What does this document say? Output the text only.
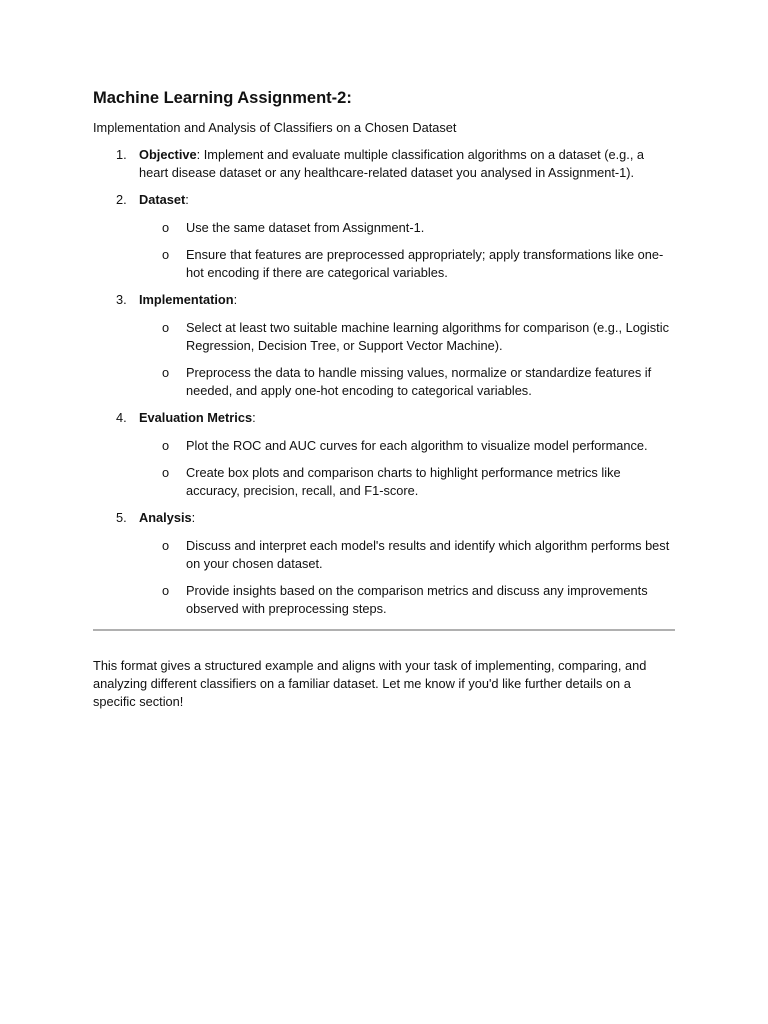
Machine Learning Assignment-2:
Implementation and Analysis of Classifiers on a Chosen Dataset
1. Objective: Implement and evaluate multiple classification algorithms on a dataset (e.g., a heart disease dataset or any healthcare-related dataset you analysed in Assignment-1).
2. Dataset:
o Use the same dataset from Assignment-1.
o Ensure that features are preprocessed appropriately; apply transformations like one-hot encoding if there are categorical variables.
3. Implementation:
o Select at least two suitable machine learning algorithms for comparison (e.g., Logistic Regression, Decision Tree, or Support Vector Machine).
o Preprocess the data to handle missing values, normalize or standardize features if needed, and apply one-hot encoding to categorical variables.
4. Evaluation Metrics:
o Plot the ROC and AUC curves for each algorithm to visualize model performance.
o Create box plots and comparison charts to highlight performance metrics like accuracy, precision, recall, and F1-score.
5. Analysis:
o Discuss and interpret each model's results and identify which algorithm performs best on your chosen dataset.
o Provide insights based on the comparison metrics and discuss any improvements observed with preprocessing steps.

This format gives a structured example and aligns with your task of implementing, comparing, and analyzing different classifiers on a familiar dataset. Let me know if you'd like further details on a specific section!
